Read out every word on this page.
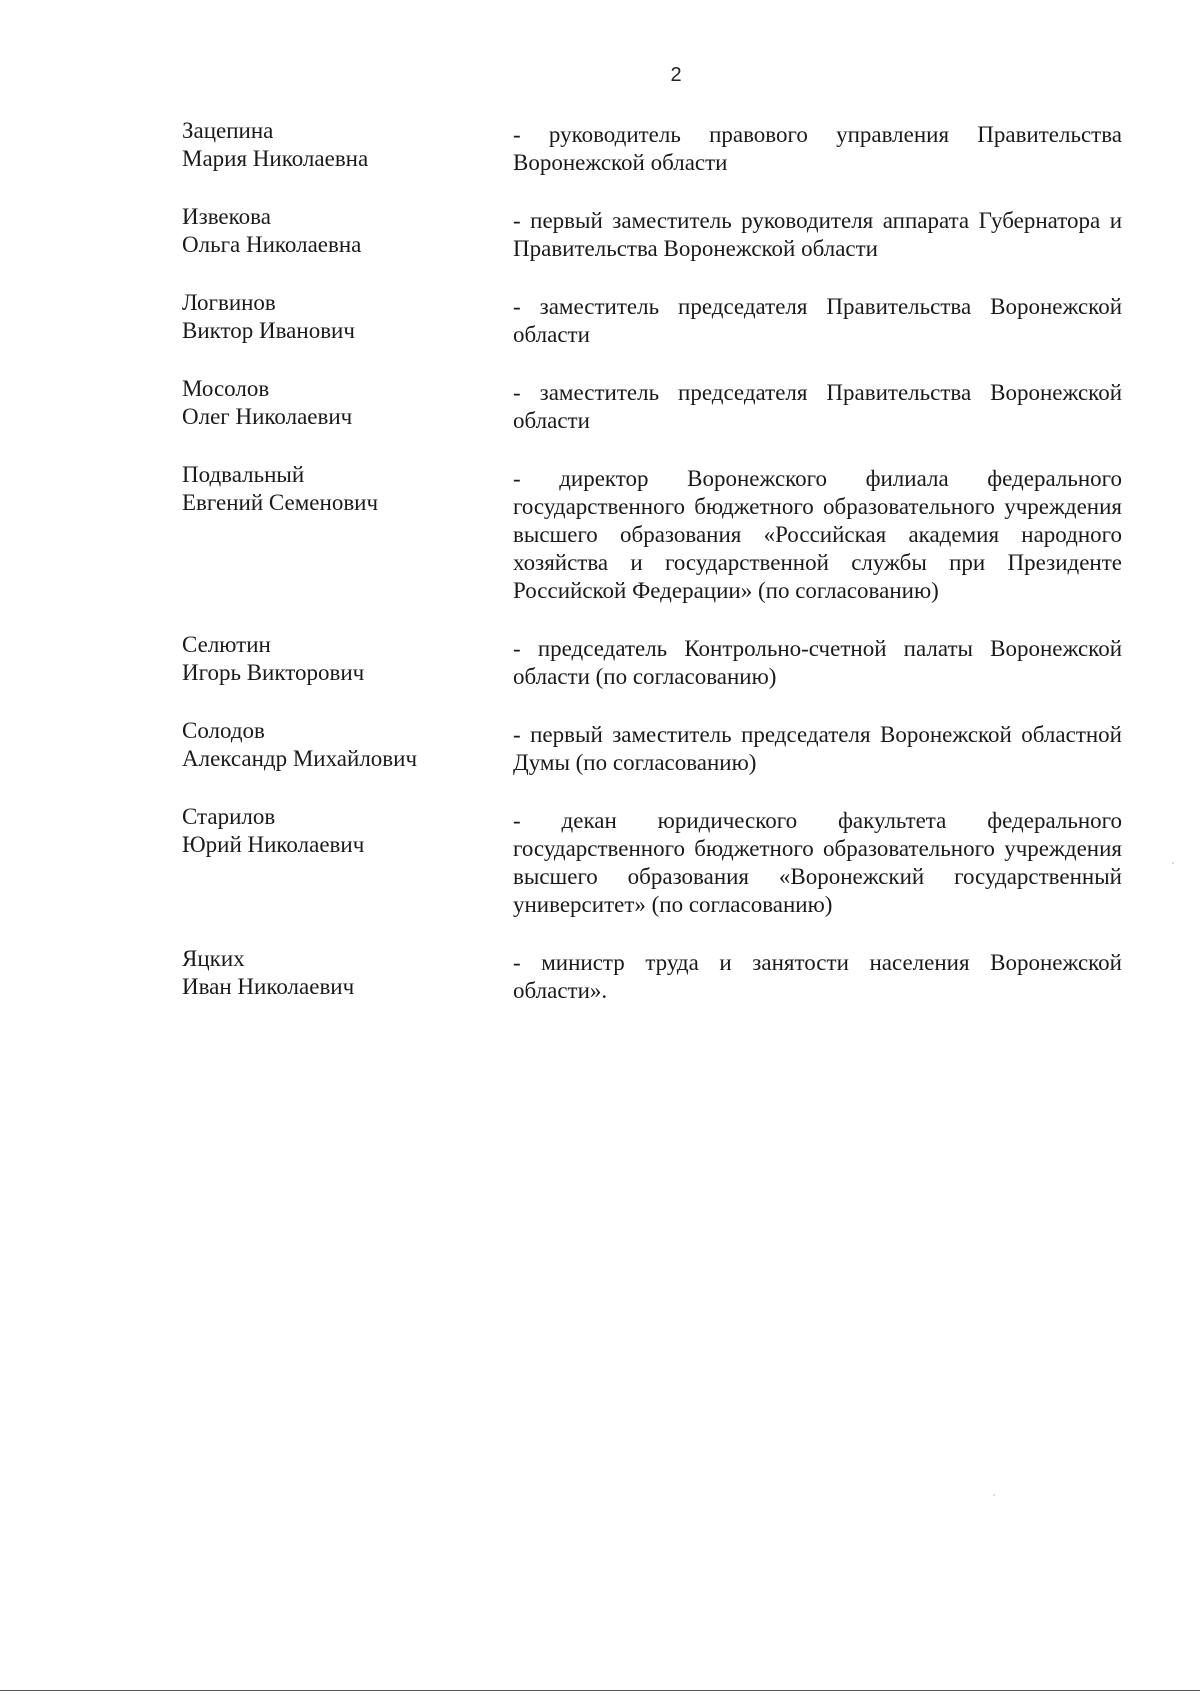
2
Зацепина
Мария Николаевна
- руководитель правового управления Правительства Воронежской области
Извекова
Ольга Николаевна
- первый заместитель руководителя аппарата Губернатора и Правительства Воронежской области
Логвинов
Виктор Иванович
- заместитель председателя Правительства Воронежской области
Мосолов
Олег Николаевич
- заместитель председателя Правительства Воронежской области
Подвальный
Евгений Семенович
- директор Воронежского филиала федерального государственного бюджетного образовательного учреждения высшего образования «Российская академия народного хозяйства и государственной службы при Президенте Российской Федерации» (по согласованию)
Селютин
Игорь Викторович
- председатель Контрольно-счетной палаты Воронежской области (по согласованию)
Солодов
Александр Михайлович
- первый заместитель председателя Воронежской областной Думы (по согласованию)
Старилов
Юрий Николаевич
- декан юридического факультета федерального государственного бюджетного образовательного учреждения высшего образования «Воронежский государственный университет» (по согласованию)
Яцких
Иван Николаевич
- министр труда и занятости населения Воронежской области».
